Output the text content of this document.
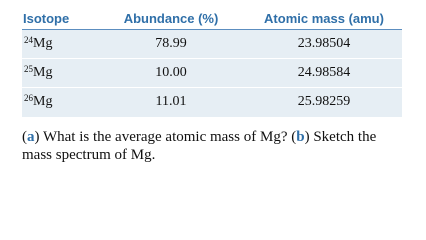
Isotope	Abundance (%)	Atomic mass (amu)
$^{24}$Mg	78.99	23.98504
$^{25}$Mg	10.00	24.98584
$^{26}$Mg	11.01	25.98259
(a) What is the average atomic mass of Mg? (b) Sketch the
mass spectrum of Mg.
